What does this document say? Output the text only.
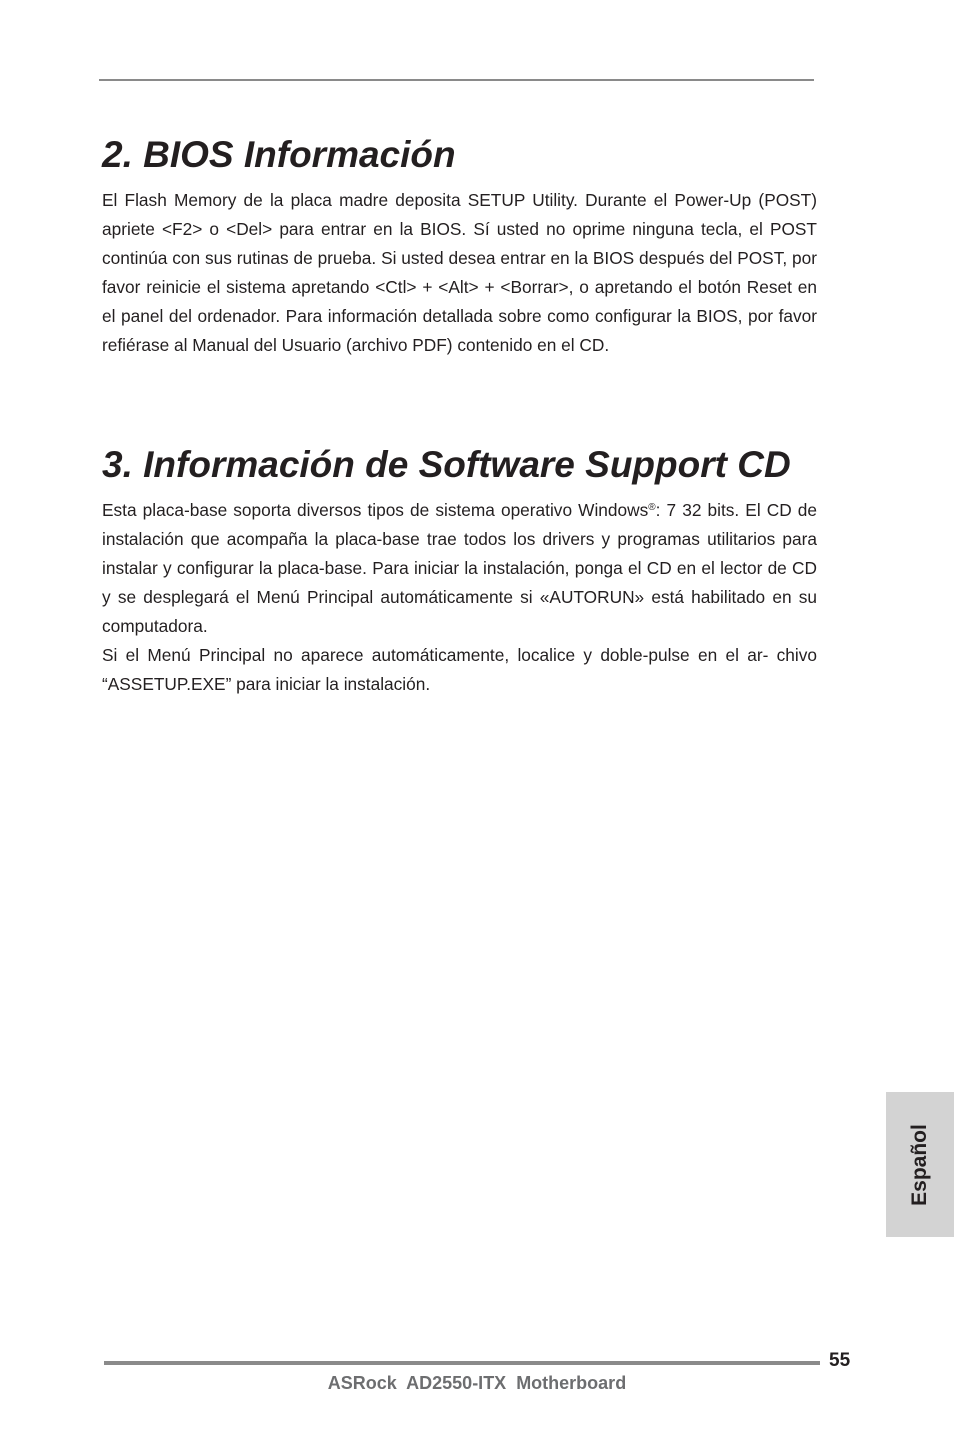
2. BIOS Información

El Flash Memory de la placa madre deposita SETUP Utility. Durante el Power-Up (POST) apriete <F2> o <Del> para entrar en la BIOS. Sí usted no oprime ninguna tecla, el POST continúa con sus rutinas de prueba. Si usted desea entrar en la BIOS después del POST, por favor reinicie el sistema apretando <Ctl> + <Alt> + <Borrar>, o apretando el botón Reset en el panel del ordenador. Para información detallada sobre como configurar la BIOS, por favor refiérase al Manual del Usuario (archivo PDF) contenido en el CD.

3. Información de Software Support CD

Esta placa-base soporta diversos tipos de sistema operativo Windows®: 7 32 bits. El CD de instalación que acompaña la placa-base trae todos los drivers y programas utilitarios para instalar y configurar la placa-base. Para iniciar la instalación, ponga el CD en el lector de CD y se desplegará el Menú Principal automáticamente si «AUTORUN» está habilitado en su computadora.

Si el Menú Principal no aparece automáticamente, localice y doble-pulse en el ar- chivo “ASSETUP.EXE” para iniciar la instalación.

Español
55
ASRock  AD2550-ITX  Motherboard
